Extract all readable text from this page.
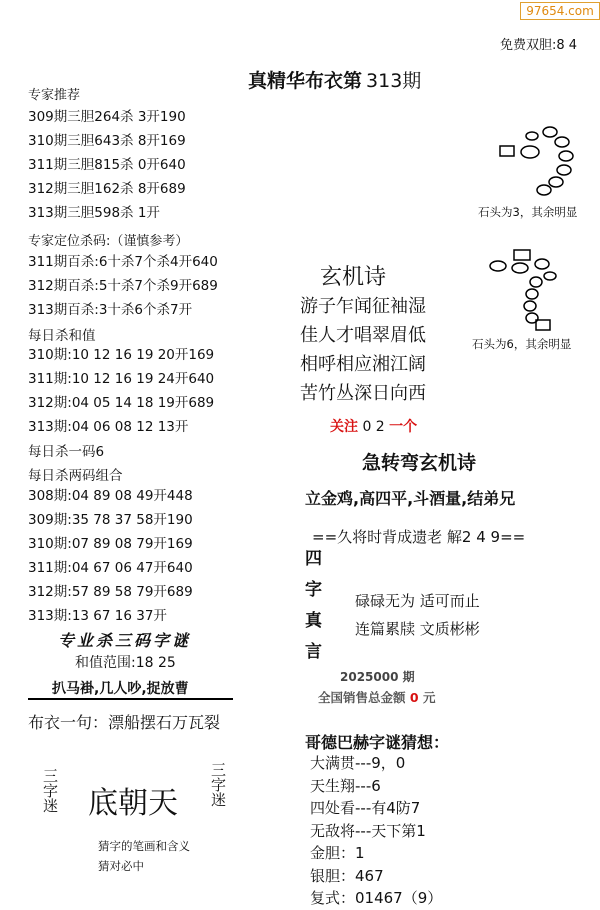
97654.com
免费双胆:8 4
真精华布衣第 313期
专家推荐
309期三胆264杀 3开190
310期三胆643杀 8开169
311期三胆815杀 0开640
312期三胆162杀 8开689
313期三胆598杀 1开
专家定位杀码:（谨慎参考）
311期百杀:6十杀7个杀4开640
312期百杀:5十杀7个杀9开689
313期百杀:3十杀6个杀7开
每日杀和值
310期:10 12 16 19 20开169
311期:10 12 16 19 24开640
312期:04 05 14 18 19开689
313期:04 06 08 12 13开
每日杀一码6
每日杀两码组合
308期:04 89 08 49开448
309期:35 78 37 58开190
310期:07 89 08 79开169
311期:04 67 06 47开640
312期:57 89 58 79开689
313期:13 67 16 37开
专业杀三码字谜
和值范围:18 25
扒马褂,几人吵,捉放曹
布衣一句：漂船摆石万瓦裂
三字迷 底朝天 三字迷
猜字的笔画和含义
猜对必中
石头为3，其余明显
石头为6，其余明显
玄机诗
游子乍闻征袖湿
佳人才唱翠眉低
相呼相应湘江阔
苦竹丛深日向西
关注 0 2 一个
急转弯玄机诗
立金鸡,高四平,斗酒量,结弟兄
==久将时背成遗老 解2 4 9==
四
字
真
言
碌碌无为 适可而止
连篇累牍 文质彬彬
2025000 期
全国销售总金额 0 元
哥德巴赫字谜猜想：
大满贯---9，0
天生翔---6
四处看---有4防7
无敌将---天下第1
金胆：1
银胆：467
复式：01467（9）
